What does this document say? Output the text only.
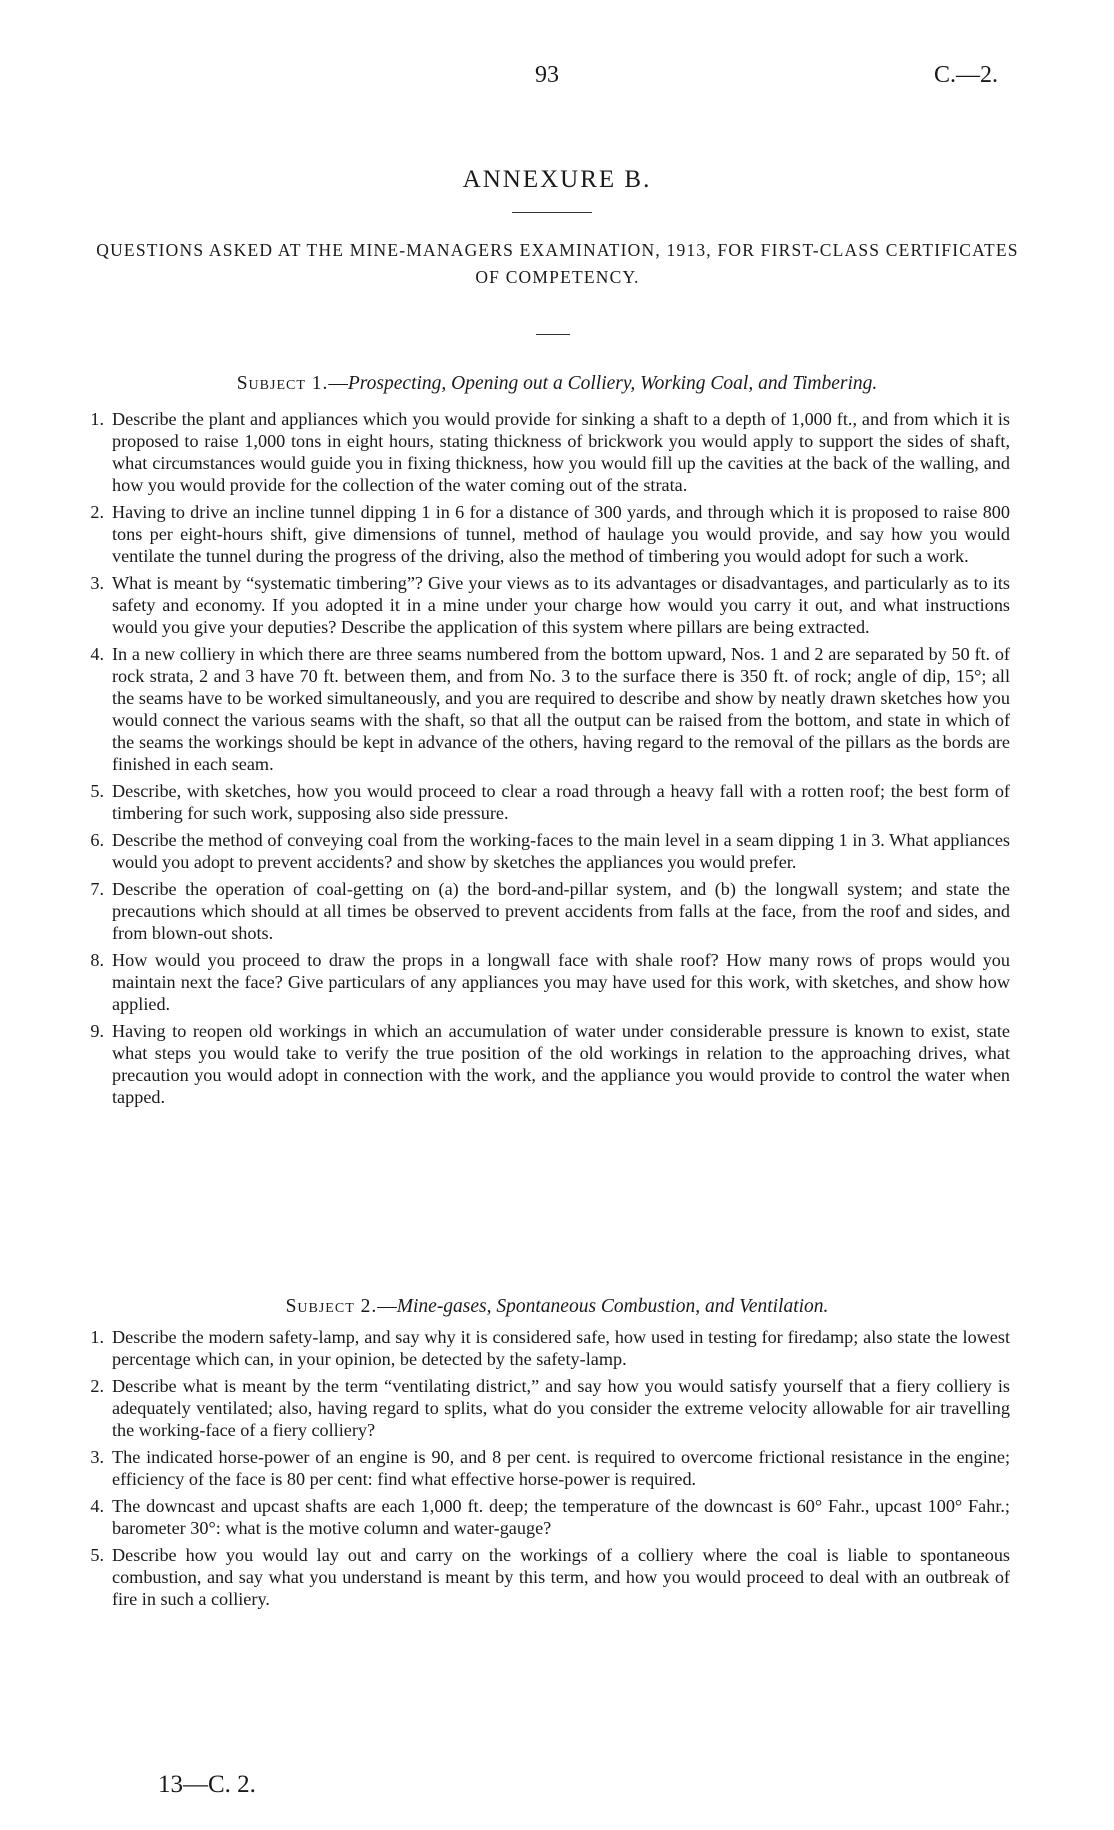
93	C.—2.
ANNEXURE B.
QUESTIONS ASKED AT THE MINE-MANAGERS EXAMINATION, 1913, FOR FIRST-CLASS CERTIFICATES OF COMPETENCY.
Subject 1.—Prospecting, Opening out a Colliery, Working Coal, and Timbering.
1. Describe the plant and appliances which you would provide for sinking a shaft to a depth of 1,000 ft., and from which it is proposed to raise 1,000 tons in eight hours, stating thickness of brickwork you would apply to support the sides of shaft, what circumstances would guide you in fixing thickness, how you would fill up the cavities at the back of the walling, and how you would provide for the collection of the water coming out of the strata.
2. Having to drive an incline tunnel dipping 1 in 6 for a distance of 300 yards, and through which it is proposed to raise 800 tons per eight-hours shift, give dimensions of tunnel, method of haulage you would provide, and say how you would ventilate the tunnel during the progress of the driving, also the method of timbering you would adopt for such a work.
3. What is meant by “systematic timbering”? Give your views as to its advantages or disadvantages, and particularly as to its safety and economy. If you adopted it in a mine under your charge how would you carry it out, and what instructions would you give your deputies? Describe the application of this system where pillars are being extracted.
4. In a new colliery in which there are three seams numbered from the bottom upward, Nos. 1 and 2 are separated by 50 ft. of rock strata, 2 and 3 have 70 ft. between them, and from No. 3 to the surface there is 350 ft. of rock; angle of dip, 15°; all the seams have to be worked simultaneously, and you are required to describe and show by neatly drawn sketches how you would connect the various seams with the shaft, so that all the output can be raised from the bottom, and state in which of the seams the workings should be kept in advance of the others, having regard to the removal of the pillars as the bords are finished in each seam.
5. Describe, with sketches, how you would proceed to clear a road through a heavy fall with a rotten roof; the best form of timbering for such work, supposing also side pressure.
6. Describe the method of conveying coal from the working-faces to the main level in a seam dipping 1 in 3. What appliances would you adopt to prevent accidents? and show by sketches the appliances you would prefer.
7. Describe the operation of coal-getting on (a) the bord-and-pillar system, and (b) the longwall system; and state the precautions which should at all times be observed to prevent accidents from falls at the face, from the roof and sides, and from blown-out shots.
8. How would you proceed to draw the props in a longwall face with shale roof? How many rows of props would you maintain next the face? Give particulars of any appliances you may have used for this work, with sketches, and show how applied.
9. Having to reopen old workings in which an accumulation of water under considerable pressure is known to exist, state what steps you would take to verify the true position of the old workings in relation to the approaching drives, what precaution you would adopt in connection with the work, and the appliance you would provide to control the water when tapped.
Subject 2.—Mine-gases, Spontaneous Combustion, and Ventilation.
1. Describe the modern safety-lamp, and say why it is considered safe, how used in testing for firedamp; also state the lowest percentage which can, in your opinion, be detected by the safety-lamp.
2. Describe what is meant by the term “ventilating district,” and say how you would satisfy yourself that a fiery colliery is adequately ventilated; also, having regard to splits, what do you consider the extreme velocity allowable for air travelling the working-face of a fiery colliery?
3. The indicated horse-power of an engine is 90, and 8 per cent. is required to overcome frictional resistance in the engine; efficiency of the face is 80 per cent: find what effective horse-power is required.
4. The downcast and upcast shafts are each 1,000 ft. deep; the temperature of the downcast is 60° Fahr., upcast 100° Fahr.; barometer 30°: what is the motive column and water-gauge?
5. Describe how you would lay out and carry on the workings of a colliery where the coal is liable to spontaneous combustion, and say what you understand is meant by this term, and how you would proceed to deal with an outbreak of fire in such a colliery.
13—C. 2.
